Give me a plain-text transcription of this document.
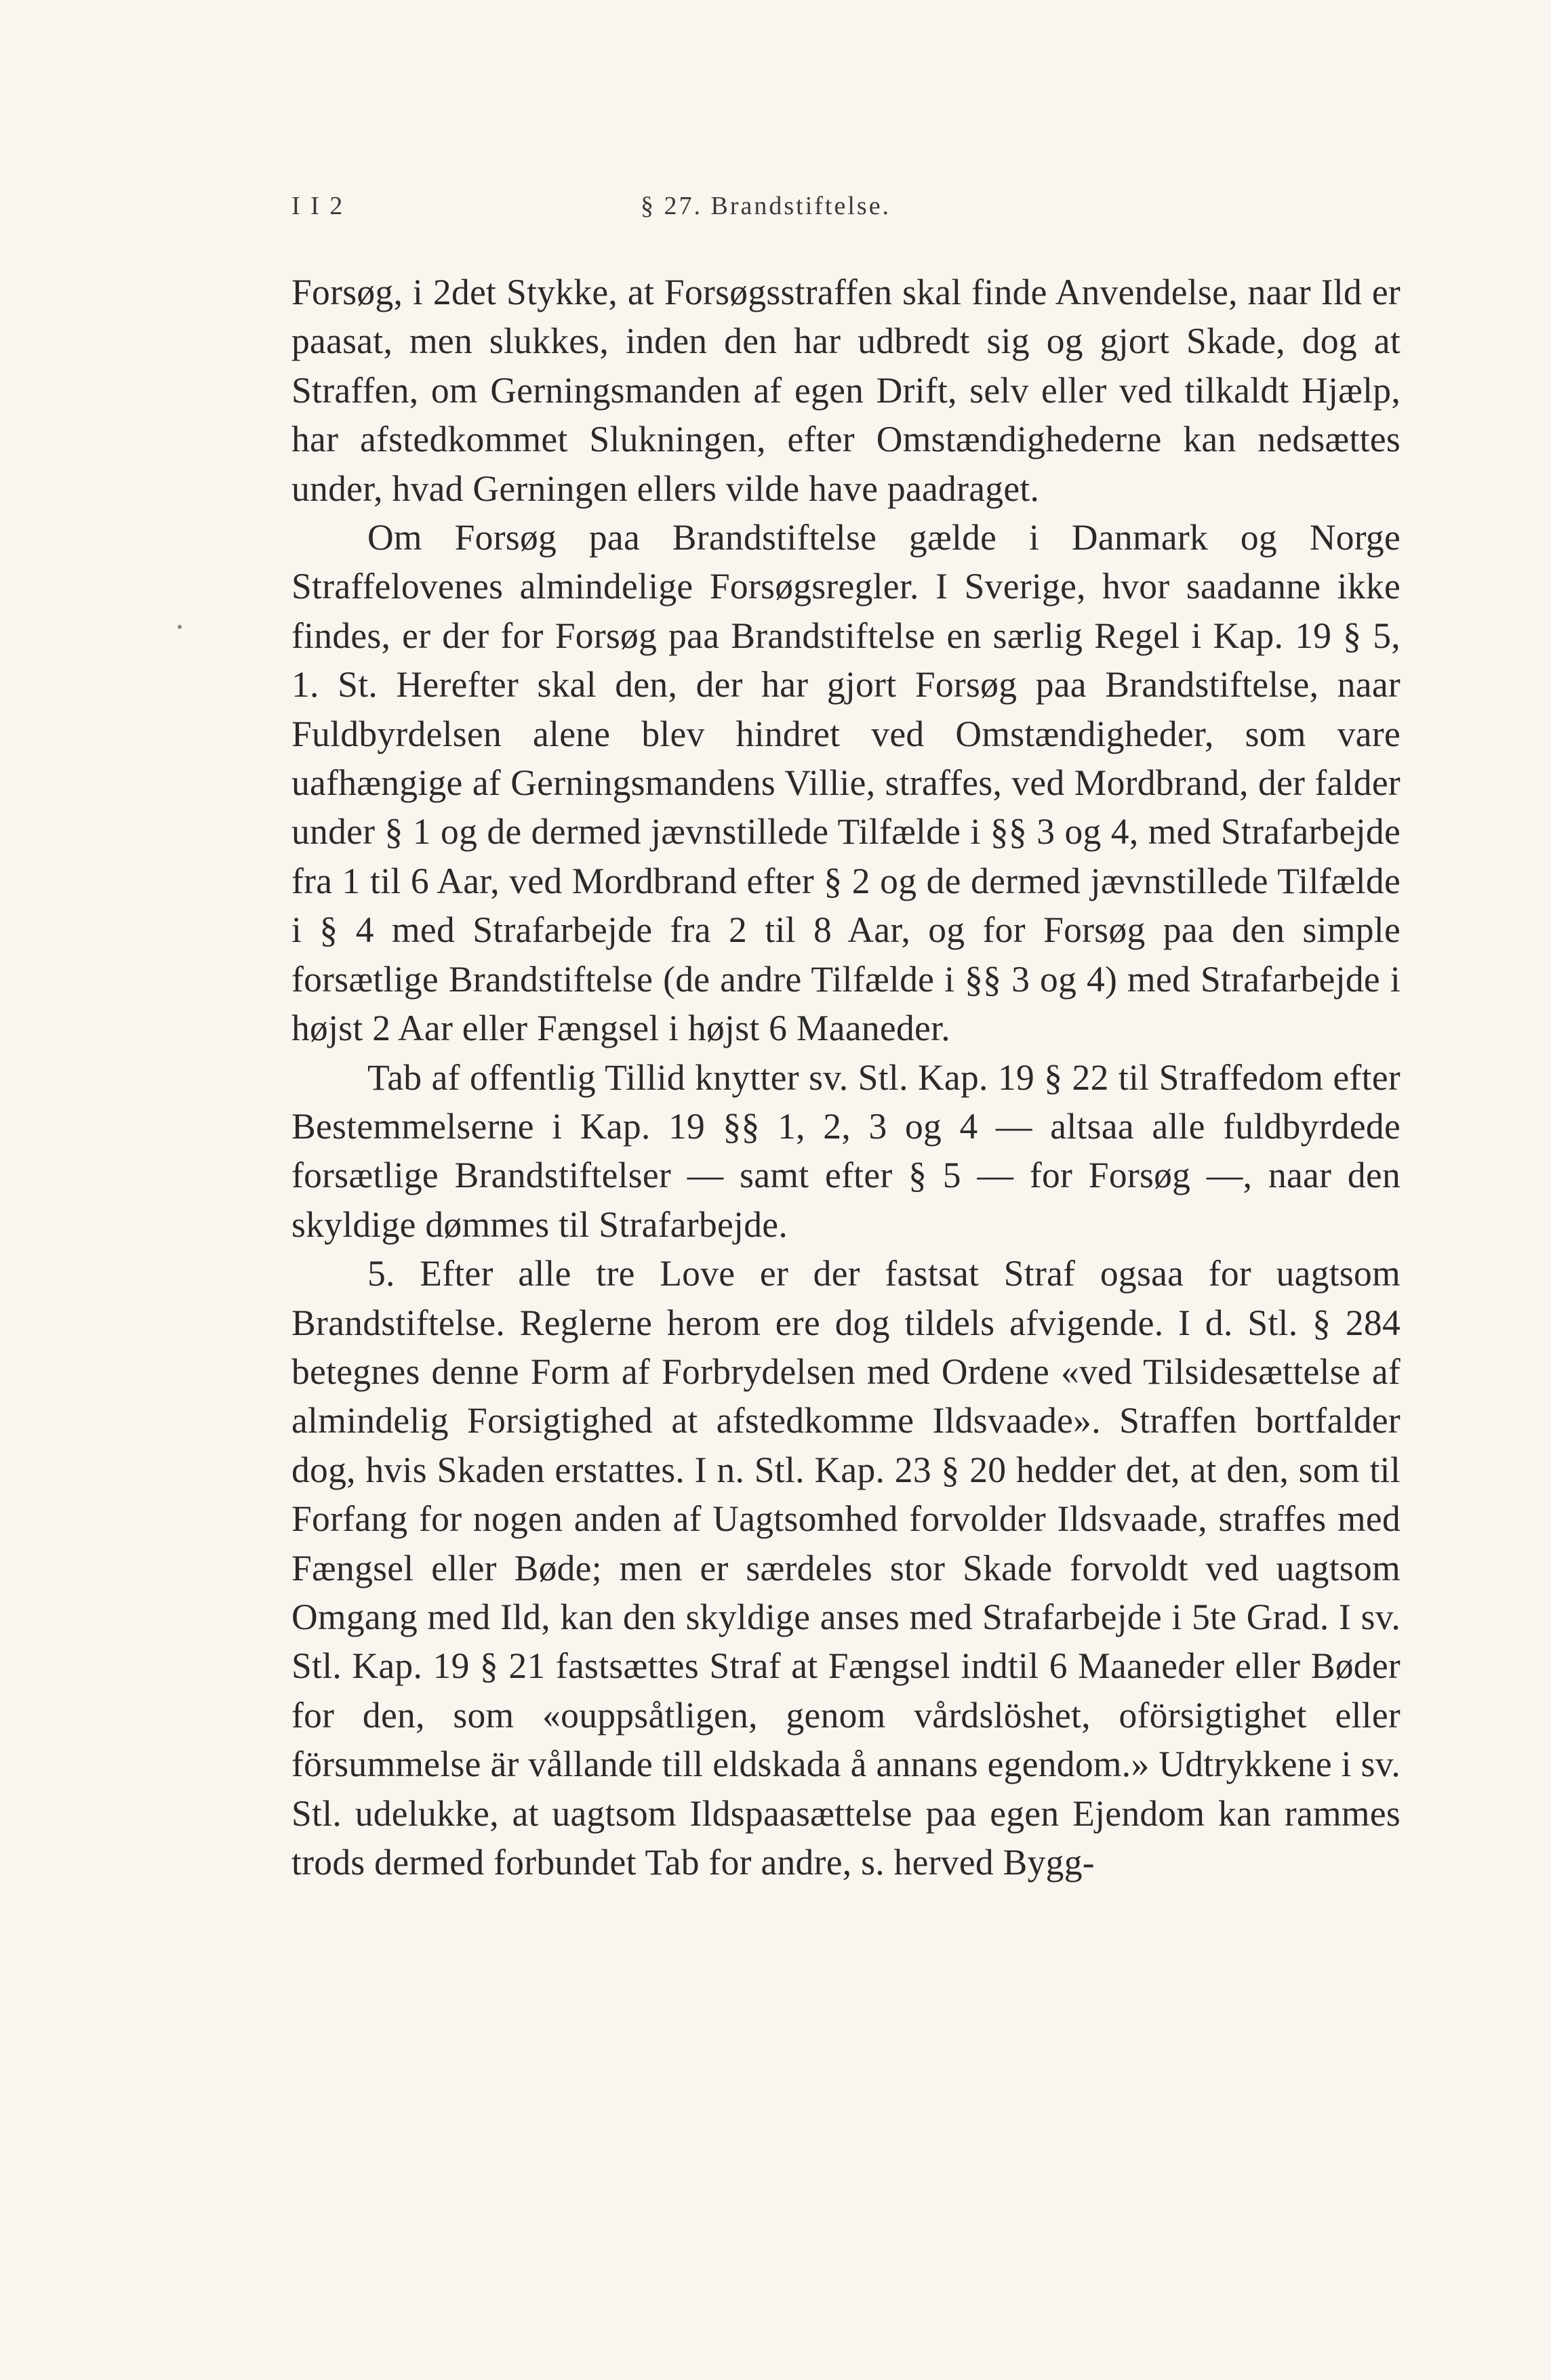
I I 2	§ 27. Brandstiftelse.

Forsøg, i 2det Stykke, at Forsøgsstraffen skal finde Anvendelse, naar Ild er paasat, men slukkes, inden den har udbredt sig og gjort Skade, dog at Straffen, om Gerningsmanden af egen Drift, selv eller ved tilkaldt Hjælp, har afstedkommet Slukningen, efter Omstændighederne kan nedsættes under, hvad Gerningen ellers vilde have paadraget.

Om Forsøg paa Brandstiftelse gælde i Danmark og Norge Straffelovenes almindelige Forsøgsregler. I Sverige, hvor saadanne ikke findes, er der for Forsøg paa Brandstiftelse en særlig Regel i Kap. 19 § 5, 1. St. Herefter skal den, der har gjort Forsøg paa Brandstiftelse, naar Fuldbyrdelsen alene blev hindret ved Omstændigheder, som vare uafhængige af Gerningsmandens Villie, straffes, ved Mordbrand, der falder under § 1 og de dermed jævnstillede Tilfælde i §§ 3 og 4, med Strafarbejde fra 1 til 6 Aar, ved Mordbrand efter § 2 og de dermed jævnstillede Tilfælde i § 4 med Strafarbejde fra 2 til 8 Aar, og for Forsøg paa den simple forsætlige Brandstiftelse (de andre Tilfælde i §§ 3 og 4) med Strafarbejde i højst 2 Aar eller Fængsel i højst 6 Maaneder.

Tab af offentlig Tillid knytter sv. Stl. Kap. 19 § 22 til Straffedom efter Bestemmelserne i Kap. 19 §§ 1, 2, 3 og 4 — altsaa alle fuldbyrdede forsætlige Brandstiftelser — samt efter § 5 — for Forsøg —, naar den skyldige dømmes til Strafarbejde.

5. Efter alle tre Love er der fastsat Straf ogsaa for uagtsom Brandstiftelse. Reglerne herom ere dog tildels afvigende. I d. Stl. § 284 betegnes denne Form af Forbrydelsen med Ordene «ved Tilsidesættelse af almindelig Forsigtighed at afstedkomme Ildsvaade». Straffen bortfalder dog, hvis Skaden erstattes. I n. Stl. Kap. 23 § 20 hedder det, at den, som til Forfang for nogen anden af Uagtsomhed forvolder Ildsvaade, straffes med Fængsel eller Bøde; men er særdeles stor Skade forvoldt ved uagtsom Omgang med Ild, kan den skyldige anses med Strafarbejde i 5te Grad. I sv. Stl. Kap. 19 § 21 fastsættes Straf at Fængsel indtil 6 Maaneder eller Bøder for den, som «ouppsåtligen, genom vårdslöshet, oförsigtighet eller försummelse är vållande till eldskada å annans egendom.» Udtrykkene i sv. Stl. udelukke, at uagtsom Ildspaasættelse paa egen Ejendom kan rammes trods dermed forbundet Tab for andre, s. herved Bygg-
